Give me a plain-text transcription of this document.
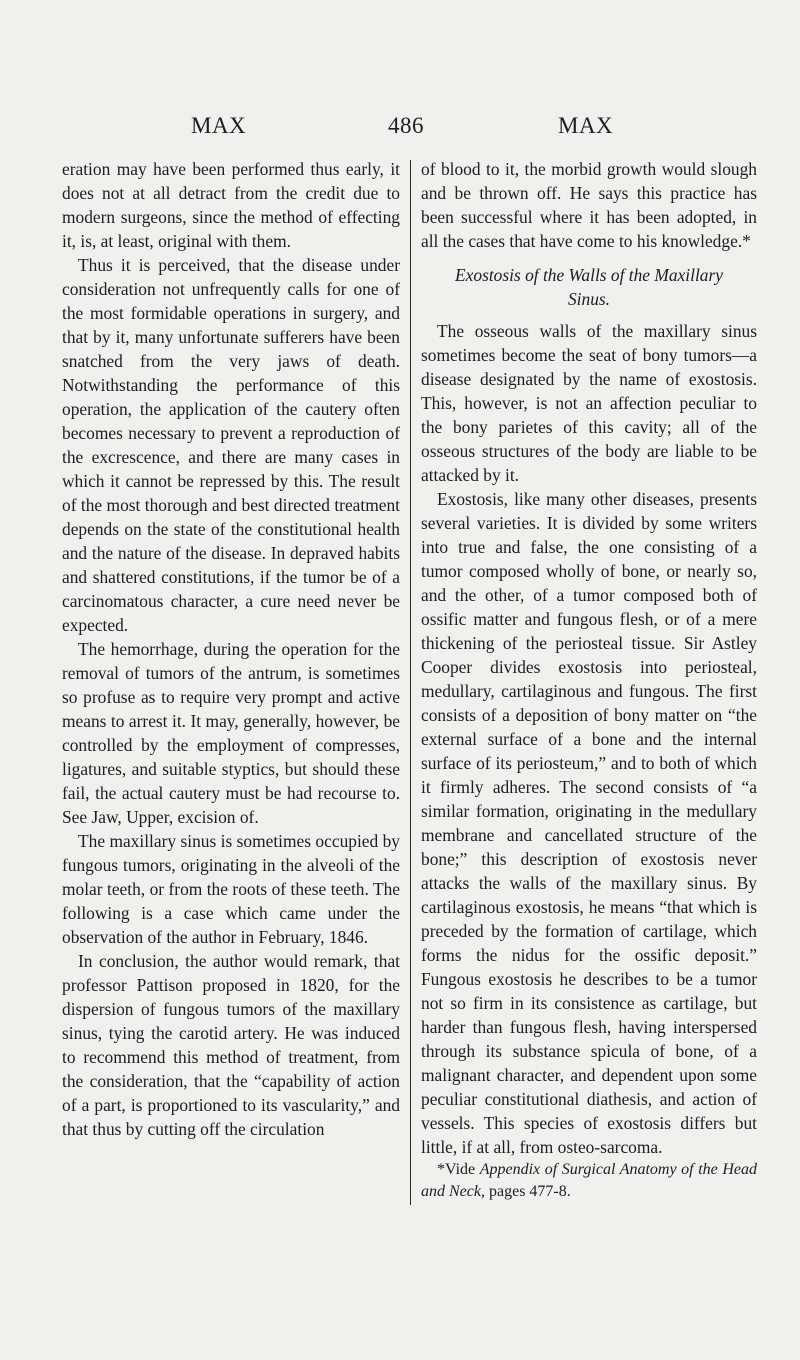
MAX	486	MAX

eration may have been performed thus early, it does not at all detract from the credit due to modern surgeons, since the method of effecting it, is, at least, original with them.

Thus it is perceived, that the disease under consideration not unfrequently calls for one of the most formidable operations in surgery, and that by it, many unfortunate sufferers have been snatched from the very jaws of death. Notwithstanding the performance of this operation, the application of the cautery often becomes necessary to prevent a reproduction of the excrescence, and there are many cases in which it cannot be repressed by this. The result of the most thorough and best directed treatment depends on the state of the constitutional health and the nature of the disease. In depraved habits and shattered constitutions, if the tumor be of a carcinomatous character, a cure need never be expected.

The hemorrhage, during the operation for the removal of tumors of the antrum, is sometimes so profuse as to require very prompt and active means to arrest it. It may, generally, however, be controlled by the employment of compresses, ligatures, and suitable styptics, but should these fail, the actual cautery must be had recourse to. See Jaw, Upper, excision of.

The maxillary sinus is sometimes occupied by fungous tumors, originating in the alveoli of the molar teeth, or from the roots of these teeth. The following is a case which came under the observation of the author in February, 1846.

In conclusion, the author would remark, that professor Pattison proposed in 1820, for the dispersion of fungous tumors of the maxillary sinus, tying the carotid artery. He was induced to recommend this method of treatment, from the consideration, that the “capability of action of a part, is proportioned to its vascularity,” and that thus by cutting off the circulation

of blood to it, the morbid growth would slough and be thrown off. He says this practice has been successful where it has been adopted, in all the cases that have come to his knowledge.*

Exostosis of the Walls of the Maxillary
Sinus.

The osseous walls of the maxillary sinus sometimes become the seat of bony tumors—a disease designated by the name of exostosis. This, however, is not an affection peculiar to the bony parietes of this cavity; all of the osseous structures of the body are liable to be attacked by it.

Exostosis, like many other diseases, presents several varieties. It is divided by some writers into true and false, the one consisting of a tumor composed wholly of bone, or nearly so, and the other, of a tumor composed both of ossific matter and fungous flesh, or of a mere thickening of the periosteal tissue. Sir Astley Cooper divides exostosis into periosteal, medullary, cartilaginous and fungous. The first consists of a deposition of bony matter on “the external surface of a bone and the internal surface of its periosteum,” and to both of which it firmly adheres. The second consists of “a similar formation, originating in the medullary membrane and cancellated structure of the bone;” this description of exostosis never attacks the walls of the maxillary sinus. By cartilaginous exostosis, he means “that which is preceded by the formation of cartilage, which forms the nidus for the ossific deposit.” Fungous exostosis he describes to be a tumor not so firm in its consistence as cartilage, but harder than fungous flesh, having interspersed through its substance spicula of bone, of a malignant character, and dependent upon some peculiar constitutional diathesis, and action of vessels. This species of exostosis differs but little, if at all, from osteo-sarcoma.

*Vide Appendix of Surgical Anatomy of the Head and Neck, pages 477-8.
